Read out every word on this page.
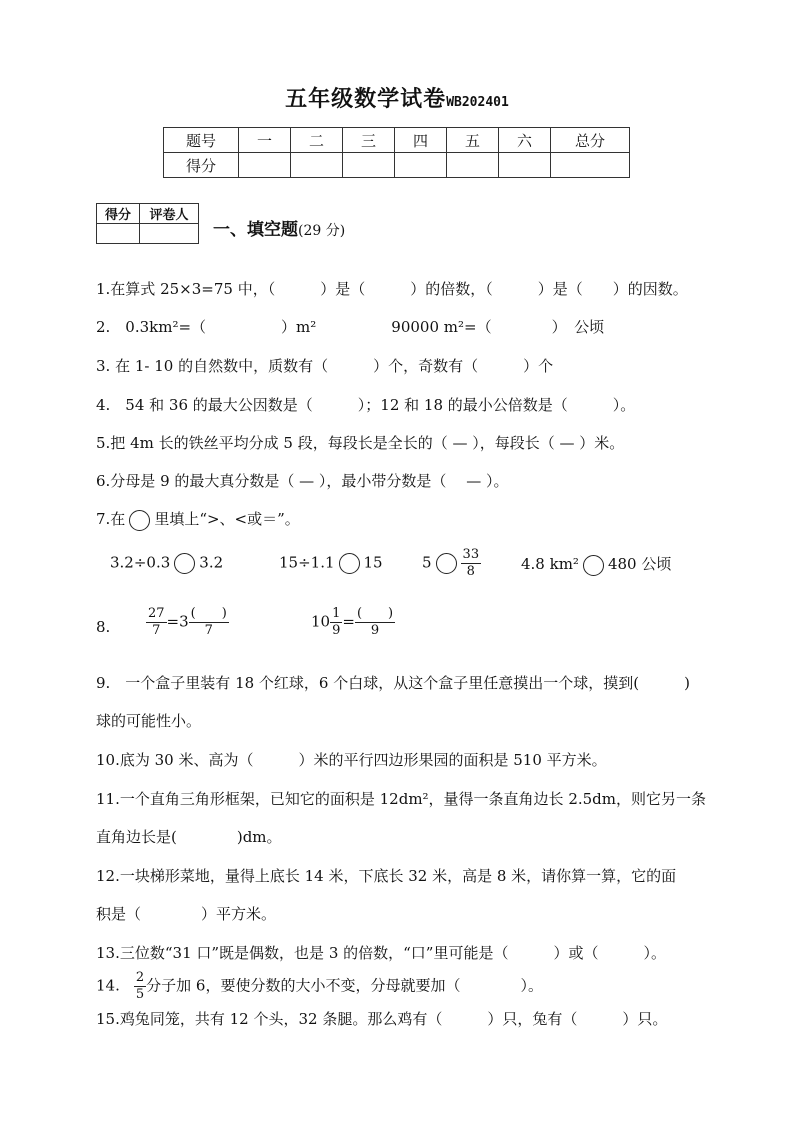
五年级数学试卷WB202401
题号	一	二	三	四	五	六	总分
得分							
得分	评卷人

一、填空题(29 分)
1.在算式 25×3=75 中，（　　　）是（　　　）的倍数，（　　　）是（　　）的因数。
2.　0.3km²=（　　　　　）m²　　　　　90000 m²=（　　　　）　公顷
3. 在 1- 10 的自然数中，质数有（　　　）个，奇数有（　　　）个
4.　54 和 36 的最大公因数是（　　　）；12 和 18 的最小公倍数是（　　　）。
5.把 4m 长的铁丝平均分成 5 段，每段长是全长的（ — ），每段长（ — ）米。
6.分母是 9 的最大真分数是（ — ），最小带分数是（　 — ）。
7.在 里填上“>、<或＝”。
3.2÷0.3 3.2	15÷1.1 15	$5 \frac{33}{8}$	4.8 km² 480 公顷
8.	$\frac{27}{7} =3 \frac{( )}{7}$	$10 \frac{1}{9} = \frac{( )}{9}$
9.　一个盒子里装有 18 个红球，6 个白球，从这个盒子里任意摸出一个球，摸到(　　　)
球的可能性小。
10.底为 30 米、高为（　　　）米的平行四边形果园的面积是 510 平方米。
11.一个直角三角形框架，已知它的面积是 12dm²，量得一条直角边长 2.5dm，则它另一条
直角边长是(　　　　)dm。
12.一块梯形菜地，量得上底长 14 米，下底长 32 米，高是 8 米，请你算一算，它的面
积是（　　　　）平方米。
13.三位数“31 口”既是偶数，也是 3 的倍数，“口”里可能是（　　　）或（　　　）。
14. $\frac{2}{5}$ 分子加 6，要使分数的大小不变，分母就要加（　　　　）。
15.鸡兔同笼，共有 12 个头，32 条腿。那么鸡有（　　　）只，兔有（　　　）只。
